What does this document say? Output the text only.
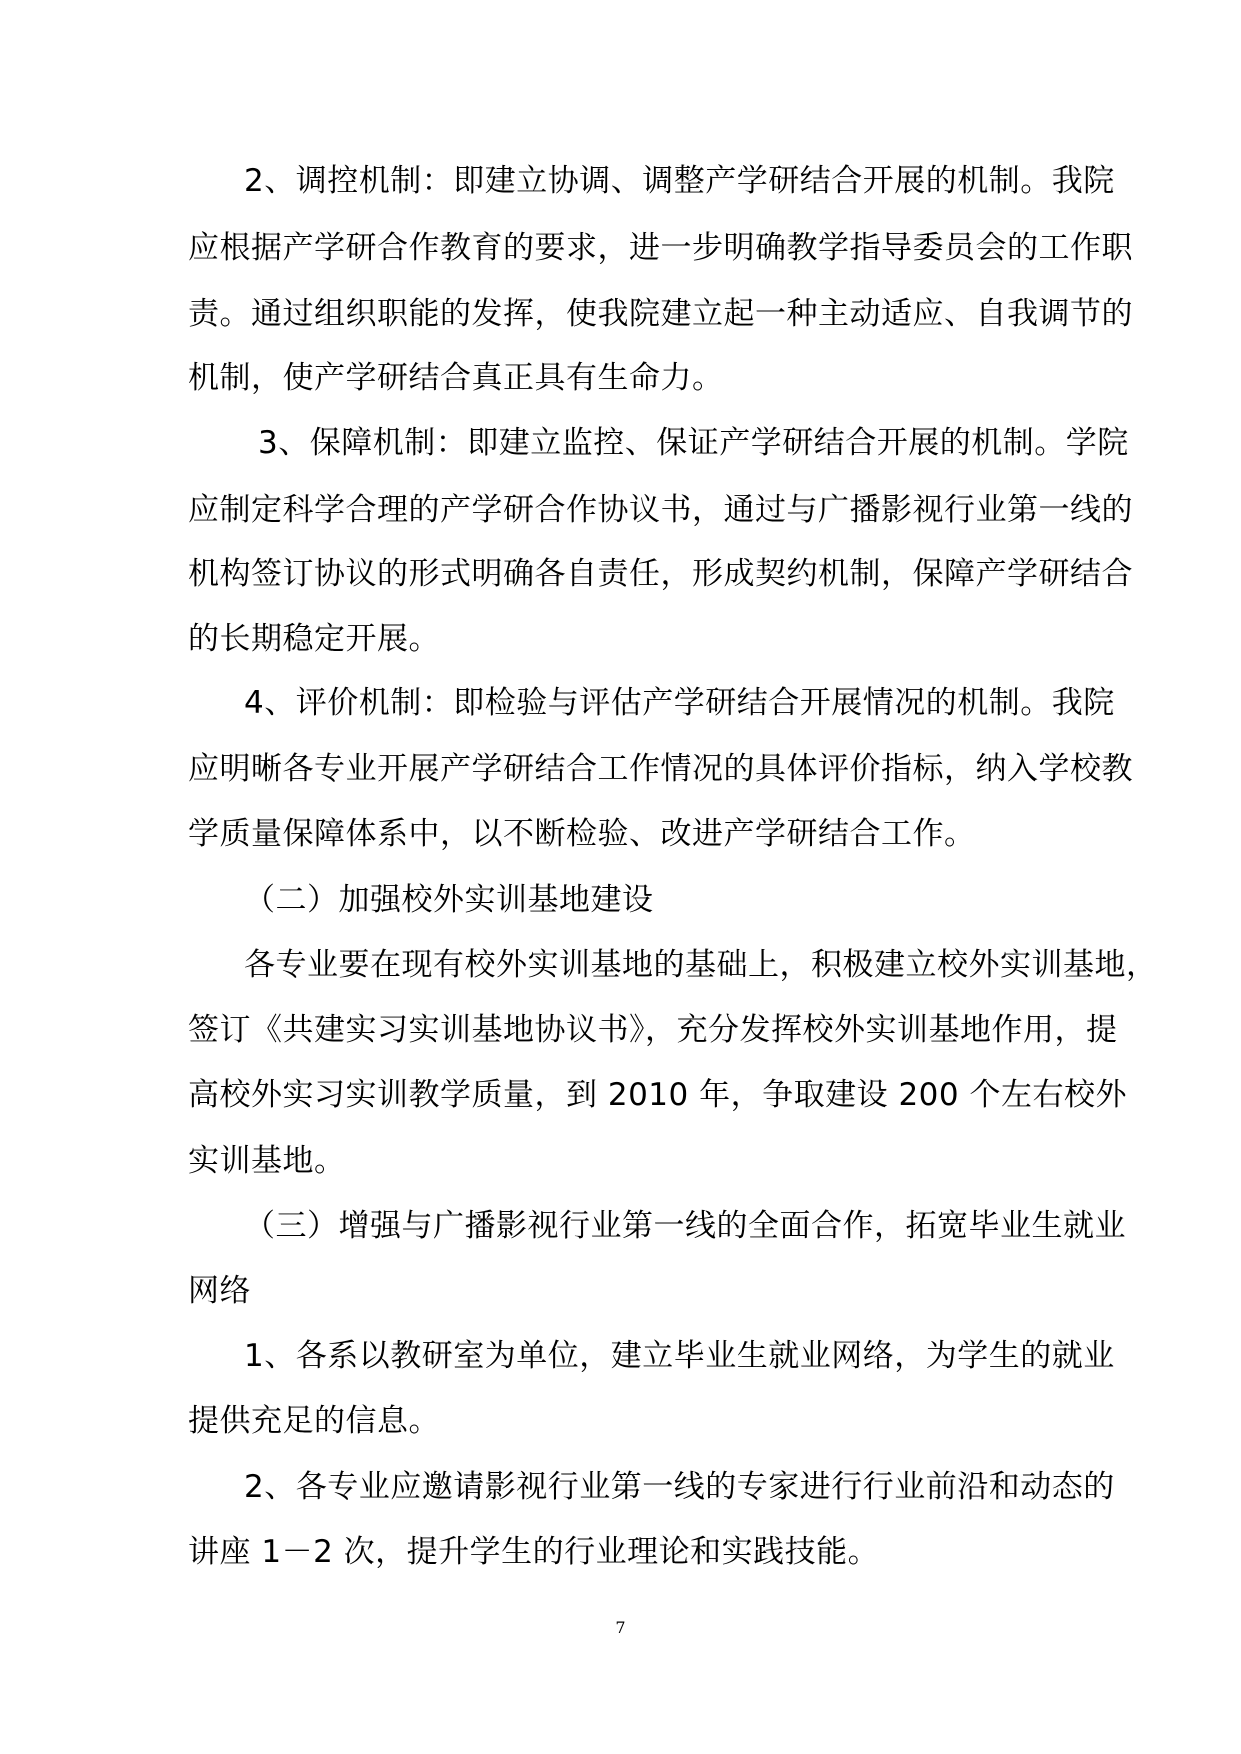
2、调控机制：即建立协调、调整产学研结合开展的机制。我院
应根据产学研合作教育的要求，进一步明确教学指导委员会的工作职
责。通过组织职能的发挥，使我院建立起一种主动适应、自我调节的
机制，使产学研结合真正具有生命力。
3、保障机制：即建立监控、保证产学研结合开展的机制。学院
应制定科学合理的产学研合作协议书，通过与广播影视行业第一线的
机构签订协议的形式明确各自责任，形成契约机制，保障产学研结合
的长期稳定开展。
4、评价机制：即检验与评估产学研结合开展情况的机制。我院
应明晰各专业开展产学研结合工作情况的具体评价指标，纳入学校教
学质量保障体系中，以不断检验、改进产学研结合工作。
（二）加强校外实训基地建设
各专业要在现有校外实训基地的基础上，积极建立校外实训基地，
签订《共建实习实训基地协议书》，充分发挥校外实训基地作用，提
高校外实习实训教学质量，到 2010 年，争取建设 200 个左右校外
实训基地。
（三）增强与广播影视行业第一线的全面合作，拓宽毕业生就业
网络
1、各系以教研室为单位，建立毕业生就业网络，为学生的就业
提供充足的信息。
2、各专业应邀请影视行业第一线的专家进行行业前沿和动态的
讲座 1－2 次，提升学生的行业理论和实践技能。
7
